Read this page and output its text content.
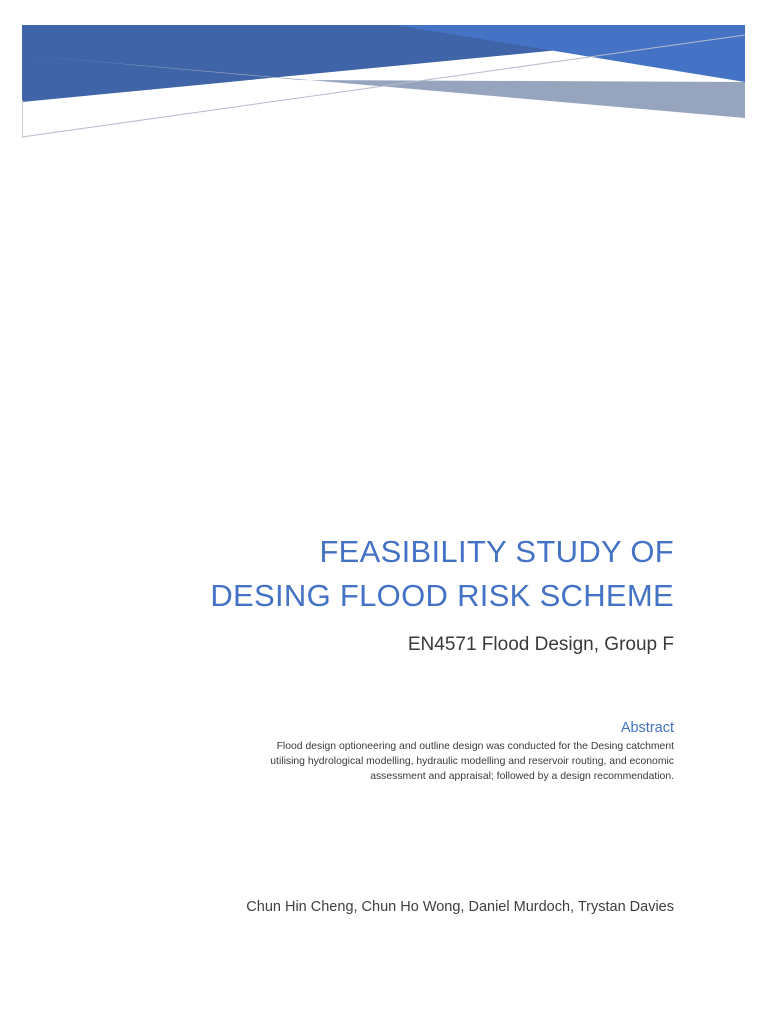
FEASIBILITY STUDY OF
DESING FLOOD RISK SCHEME
EN4571 Flood Design, Group F
Abstract
Flood design optioneering and outline design was conducted for the Desing catchment
utilising hydrological modelling, hydraulic modelling and reservoir routing, and economic
assessment and appraisal; followed by a design recommendation.
Chun Hin Cheng, Chun Ho Wong, Daniel Murdoch, Trystan Davies
